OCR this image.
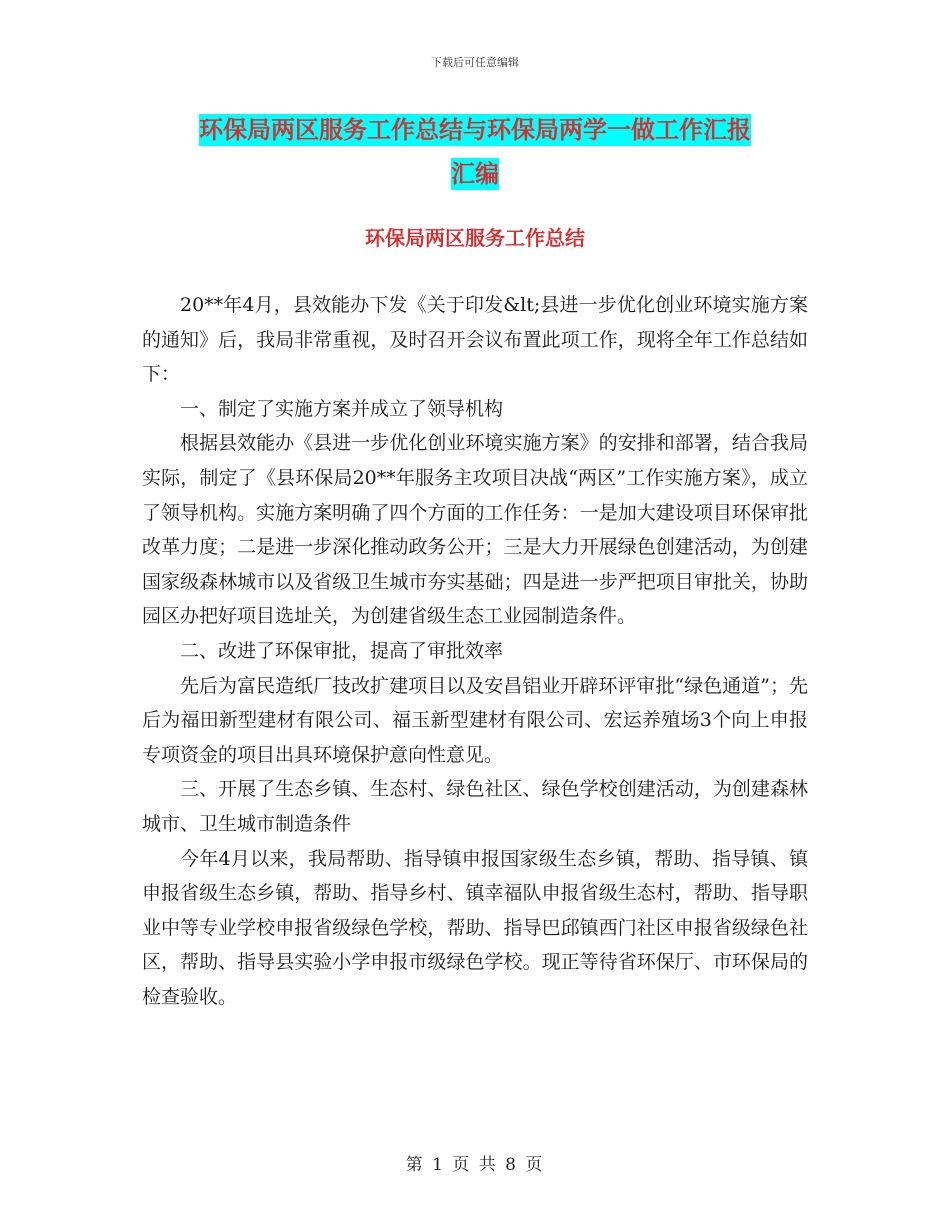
下载后可任意编辑
环保局两区服务工作总结与环保局两学一做工作汇报
汇编
环保局两区服务工作总结

20**年4月，县效能办下发《关于印发&lt;县进一步优化创业环境实施方案的通知》后，我局非常重视，及时召开会议布置此项工作，现将全年工作总结如下：

一、制定了实施方案并成立了领导机构

根据县效能办《县进一步优化创业环境实施方案》的安排和部署，结合我局实际，制定了《县环保局20**年服务主攻项目决战“两区”工作实施方案》，成立了领导机构。实施方案明确了四个方面的工作任务：一是加大建设项目环保审批改革力度；二是进一步深化推动政务公开；三是大力开展绿色创建活动，为创建国家级森林城市以及省级卫生城市夯实基础；四是进一步严把项目审批关，协助园区办把好项目选址关，为创建省级生态工业园制造条件。

二、改进了环保审批，提高了审批效率

先后为富民造纸厂技改扩建项目以及安昌铝业开辟环评审批“绿色通道”；先后为福田新型建材有限公司、福玉新型建材有限公司、宏运养殖场3个向上申报专项资金的项目出具环境保护意向性意见。

三、开展了生态乡镇、生态村、绿色社区、绿色学校创建活动，为创建森林城市、卫生城市制造条件

今年4月以来，我局帮助、指导镇申报国家级生态乡镇，帮助、指导镇、镇申报省级生态乡镇，帮助、指导乡村、镇幸福队申报省级生态村，帮助、指导职业中等专业学校申报省级绿色学校，帮助、指导巴邱镇西门社区申报省级绿色社区，帮助、指导县实验小学申报市级绿色学校。现正等待省环保厅、市环保局的检查验收。

第 1 页 共 8 页
